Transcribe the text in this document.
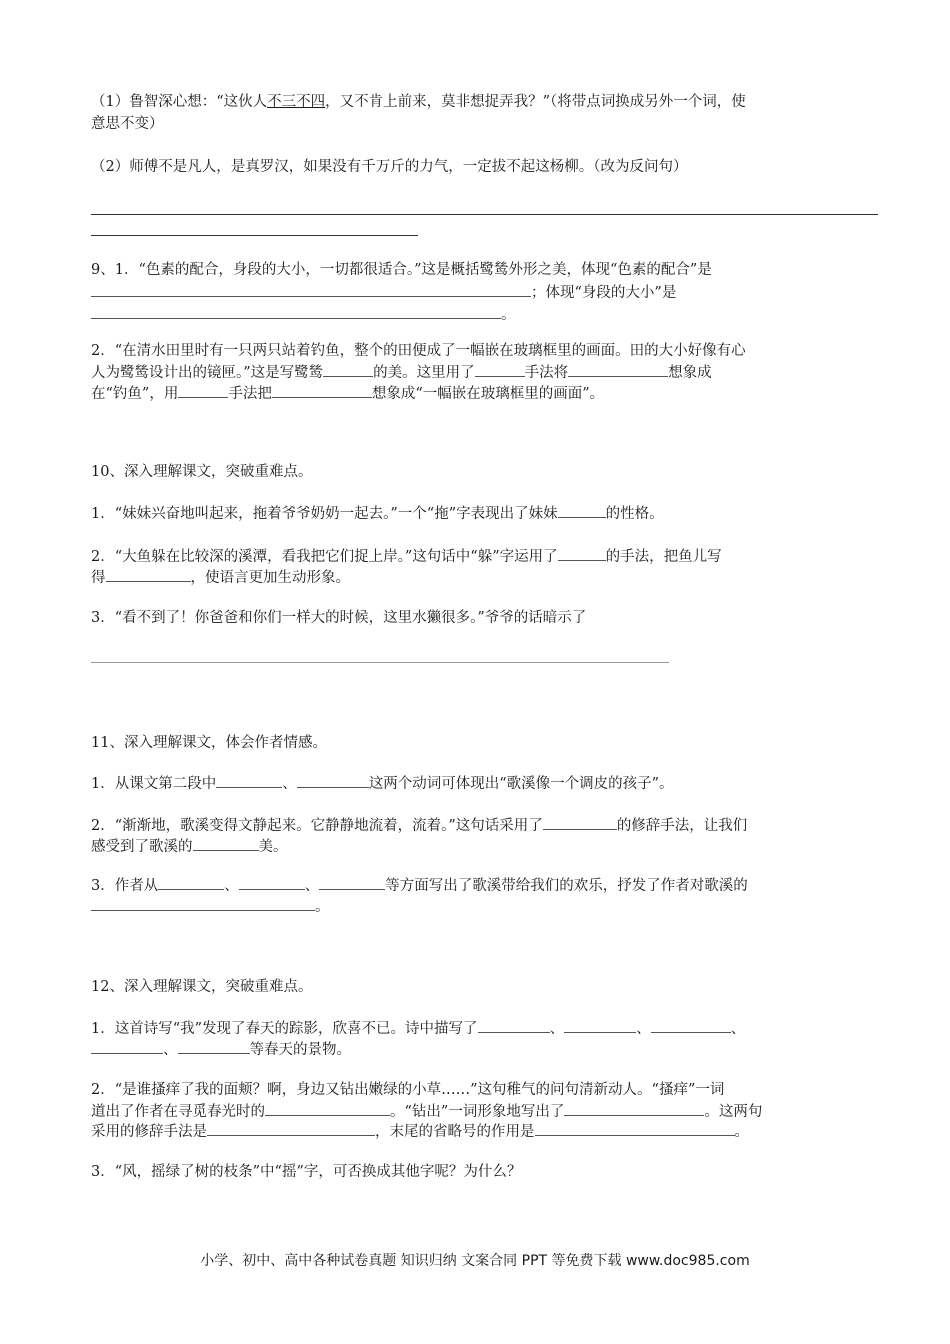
（1）鲁智深心想：“这伙人不三不四，又不肯上前来，莫非想捉弄我？”（将带点词换成另外一个词，使
意思不变）
（2）师傅不是凡人，是真罗汉，如果没有千万斤的力气，一定拔不起这杨柳。（改为反问句）
9、1．“色素的配合，身段的大小，一切都很适合。”这是概括鹭鸶外形之美，体现“色素的配合”是
；体现“身段的大小”是
。
2．“在清水田里时有一只两只站着钓鱼，整个的田便成了一幅嵌在玻璃框里的画面。田的大小好像有心
人为鹭鸶设计出的镜匣。”这是写鹭鸶	的美。这里用了	手法将	想象成
在“钓鱼”，用	手法把	想象成“一幅嵌在玻璃框里的画面”。
10、深入理解课文，突破重难点。
1．“妹妹兴奋地叫起来，拖着爷爷奶奶一起去。”一个“拖”字表现出了妹妹	的性格。
2．“大鱼躲在比较深的溪潭，看我把它们捉上岸。”这句话中“躲”字运用了	的手法，把鱼儿写
得	，使语言更加生动形象。
3．“看不到了！你爸爸和你们一样大的时候，这里水獭很多。”爷爷的话暗示了
11、深入理解课文，体会作者情感。
1．从课文第二段中	、	这两个动词可体现出“歌溪像一个调皮的孩子”。
2．“渐渐地，歌溪变得文静起来。它静静地流着，流着。”这句话采用了	的修辞手法，让我们
感受到了歌溪的	美。
3．作者从	、	、	等方面写出了歌溪带给我们的欢乐，抒发了作者对歌溪的
。
12、深入理解课文，突破重难点。
1．这首诗写“我”发现了春天的踪影，欣喜不已。诗中描写了	、	、	、
、	等春天的景物。
2．“是谁搔痒了我的面颊？啊，身边又钻出嫩绿的小草……”这句稚气的问句清新动人。“搔痒”一词
道出了作者在寻觅春光时的	。“钻出”一词形象地写出了	。这两句
采用的修辞手法是	，末尾的省略号的作用是	。
3．“风，摇绿了树的枝条”中“摇”字，可否换成其他字呢？为什么？
小学、初中、高中各种试卷真题 知识归纳 文案合同 PPT 等免费下载 www.doc985.com
